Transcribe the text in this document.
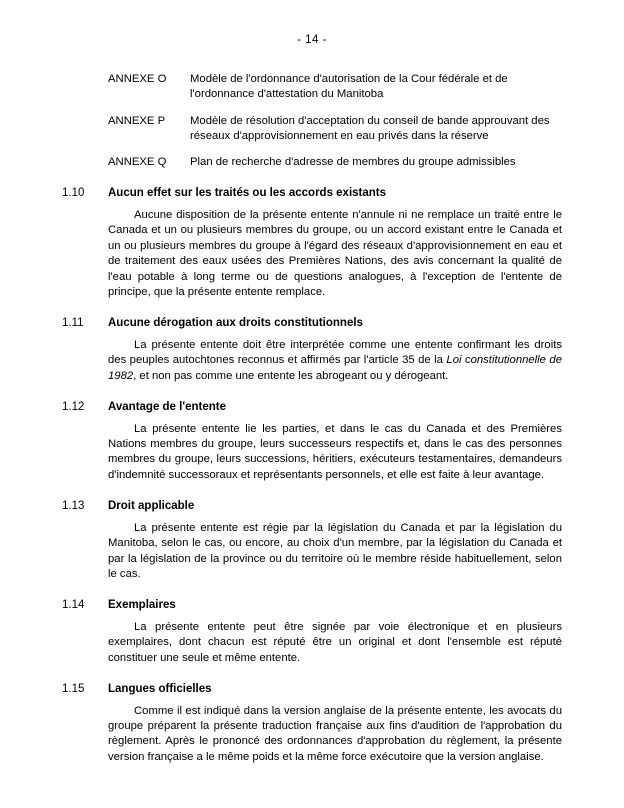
- 14 -
ANNEXE O	Modèle de l'ordonnance d'autorisation de la Cour fédérale et de l'ordonnance d'attestation du Manitoba
ANNEXE P	Modèle de résolution d'acceptation du conseil de bande approuvant des réseaux d'approvisionnement en eau privés dans la réserve
ANNEXE Q	Plan de recherche d'adresse de membres du groupe admissibles
1.10	Aucun effet sur les traités ou les accords existants
Aucune disposition de la présente entente n'annule ni ne remplace un traité entre le Canada et un ou plusieurs membres du groupe, ou un accord existant entre le Canada et un ou plusieurs membres du groupe à l'égard des réseaux d'approvisionnement en eau et de traitement des eaux usées des Premières Nations, des avis concernant la qualité de l'eau potable à long terme ou de questions analogues, à l'exception de l'entente de principe, que la présente entente remplace.
1.11	Aucune dérogation aux droits constitutionnels
La présente entente doit être interprétée comme une entente confirmant les droits des peuples autochtones reconnus et affirmés par l'article 35 de la Loi constitutionnelle de 1982, et non pas comme une entente les abrogeant ou y dérogeant.
1.12	Avantage de l'entente
La présente entente lie les parties, et dans le cas du Canada et des Premières Nations membres du groupe, leurs successeurs respectifs et, dans le cas des personnes membres du groupe, leurs successions, héritiers, exécuteurs testamentaires, demandeurs d'indemnité successoraux et représentants personnels, et elle est faite à leur avantage.
1.13	Droit applicable
La présente entente est régie par la législation du Canada et par la législation du Manitoba, selon le cas, ou encore, au choix d'un membre, par la législation du Canada et par la législation de la province ou du territoire où le membre réside habituellement, selon le cas.
1.14	Exemplaires
La présente entente peut être signée par voie électronique et en plusieurs exemplaires, dont chacun est réputé être un original et dont l'ensemble est réputé constituer une seule et même entente.
1.15	Langues officielles
Comme il est indiqué dans la version anglaise de la présente entente, les avocats du groupe préparent la présente traduction française aux fins d'audition de l'approbation du règlement. Après le prononcé des ordonnances d'approbation du règlement, la présente version française a le même poids et la même force exécutoire que la version anglaise.
